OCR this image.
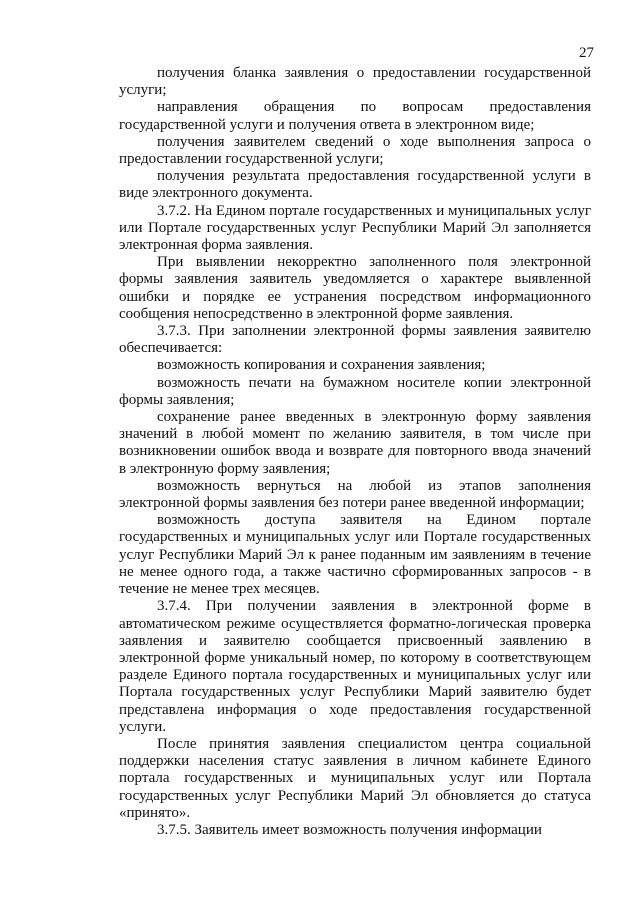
27

получения бланка заявления о предоставлении государственной услуги;

направления обращения по вопросам предоставления государственной услуги и получения ответа в электронном виде;

получения заявителем сведений о ходе выполнения запроса о предоставлении государственной услуги;

получения результата предоставления государственной услуги в виде электронного документа.

3.7.2. На Едином портале государственных и муниципальных услуг или Портале государственных услуг Республики Марий Эл заполняется электронная форма заявления.

При выявлении некорректно заполненного поля электронной формы заявления заявитель уведомляется о характере выявленной ошибки и порядке ее устранения посредством информационного сообщения непосредственно в электронной форме заявления.

3.7.3. При заполнении электронной формы заявления заявителю обеспечивается:

возможность копирования и сохранения заявления;

возможность печати на бумажном носителе копии электронной формы заявления;

сохранение ранее введенных в электронную форму заявления значений в любой момент по желанию заявителя, в том числе при возникновении ошибок ввода и возврате для повторного ввода значений в электронную форму заявления;

возможность вернуться на любой из этапов заполнения электронной формы заявления без потери ранее введенной информации;

возможность доступа заявителя на Едином портале государственных и муниципальных услуг или Портале государственных услуг Республики Марий Эл к ранее поданным им заявлениям в течение не менее одного года, а также частично сформированных запросов - в течение не менее трех месяцев.

3.7.4. При получении заявления в электронной форме в автоматическом режиме осуществляется форматно-логическая проверка заявления и заявителю сообщается присвоенный заявлению в электронной форме уникальный номер, по которому в соответствующем разделе Единого портала государственных и муниципальных услуг или Портала государственных услуг Республики Марий заявителю будет представлена информация о ходе предоставления государственной услуги.

После принятия заявления специалистом центра социальной поддержки населения статус заявления в личном кабинете Единого портала государственных и муниципальных услуг или Портала государственных услуг Республики Марий Эл обновляется до статуса «принято».

3.7.5. Заявитель имеет возможность получения информации
